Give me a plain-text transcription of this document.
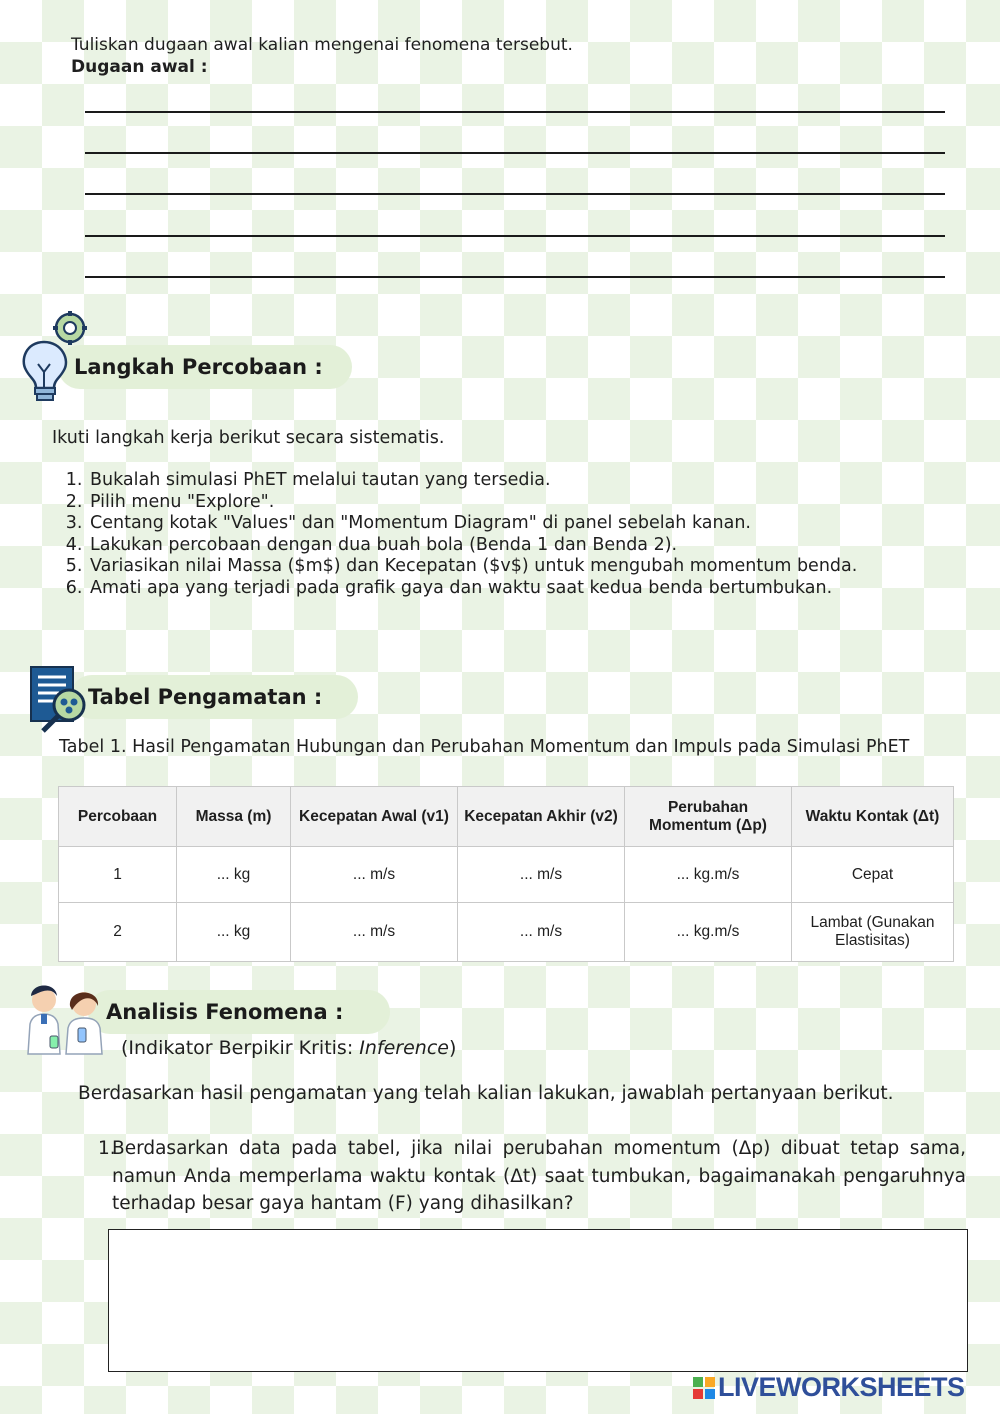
Tuliskan dugaan awal kalian mengenai fenomena tersebut.
Dugaan awal :
Langkah Percobaan :
Ikuti langkah kerja berikut secara sistematis.
1. Bukalah simulasi PhET melalui tautan yang tersedia.
2. Pilih menu "Explore".
3. Centang kotak "Values" dan "Momentum Diagram" di panel sebelah kanan.
4. Lakukan percobaan dengan dua buah bola (Benda 1 dan Benda 2).
5. Variasikan nilai Massa ($m$) dan Kecepatan ($v$) untuk mengubah momentum benda.
6. Amati apa yang terjadi pada grafik gaya dan waktu saat kedua benda bertumbukan.
Tabel Pengamatan :
Tabel 1. Hasil Pengamatan Hubungan dan Perubahan Momentum dan Impuls pada Simulasi PhET
Percobaan	Massa (m)	Kecepatan Awal (v1)	Kecepatan Akhir (v2)	Perubahan Momentum (Δp)	Waktu Kontak (Δt)
1	... kg	... m/s	... m/s	... kg.m/s	Cepat
2	... kg	... m/s	... m/s	... kg.m/s	Lambat (Gunakan Elastisitas)
Analisis Fenomena :
(Indikator Berpikir Kritis: Inference)
Berdasarkan hasil pengamatan yang telah kalian lakukan, jawablah pertanyaan berikut.
1.
Berdasarkan data pada tabel, jika nilai perubahan momentum (Δp) dibuat tetap sama, namun Anda memperlama waktu kontak (Δt) saat tumbukan, bagaimanakah pengaruhnya terhadap besar gaya hantam (F) yang dihasilkan?
LIVEWORKSHEETS
